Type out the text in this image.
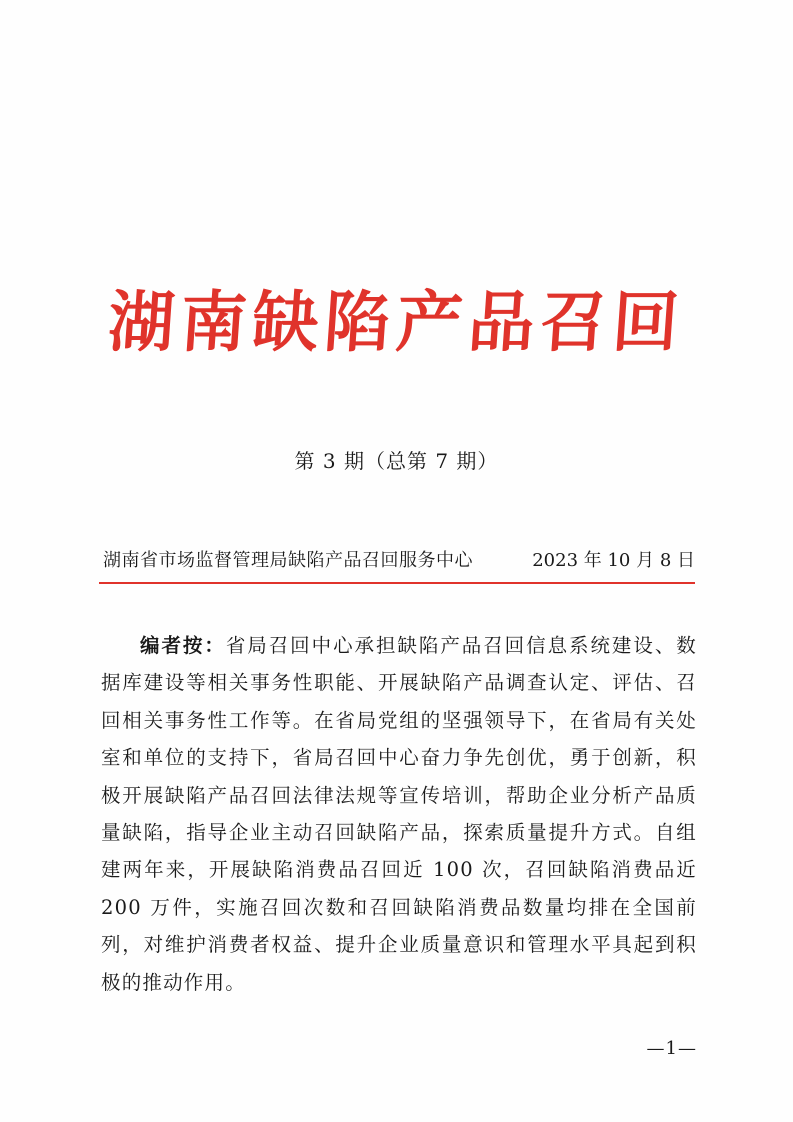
湖南缺陷产品召回
第 3 期（总第 7 期）
湖南省市场监督管理局缺陷产品召回服务中心	2023 年 10 月 8 日
编者按：省局召回中心承担缺陷产品召回信息系统建设、数据库建设等相关事务性职能、开展缺陷产品调查认定、评估、召回相关事务性工作等。在省局党组的坚强领导下，在省局有关处室和单位的支持下，省局召回中心奋力争先创优，勇于创新，积极开展缺陷产品召回法律法规等宣传培训，帮助企业分析产品质量缺陷，指导企业主动召回缺陷产品，探索质量提升方式。自组建两年来，开展缺陷消费品召回近 100 次，召回缺陷消费品近 200 万件，实施召回次数和召回缺陷消费品数量均排在全国前列，对维护消费者权益、提升企业质量意识和管理水平具起到积极的推动作用。
—1—
